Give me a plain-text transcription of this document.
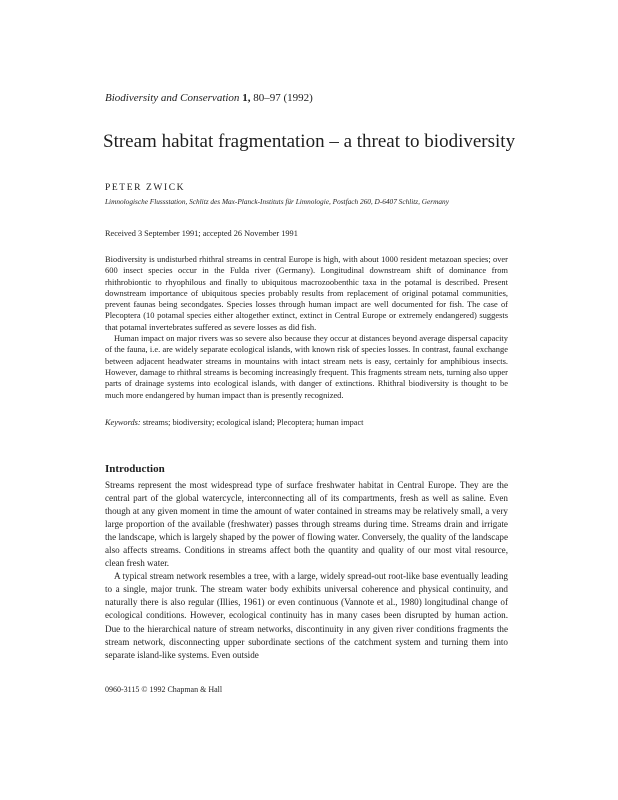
Biodiversity and Conservation 1, 80–97 (1992)
Stream habitat fragmentation – a threat to biodiversity
PETER ZWICK
Limnologische Flussstation, Schlitz des Max-Planck-Instituts für Limnologie, Postfach 260, D-6407 Schlitz, Germany
Received 3 September 1991; accepted 26 November 1991

Biodiversity is undisturbed rhithral streams in central Europe is high, with about 1000 resident metazoan species; over 600 insect species occur in the Fulda river (Germany). Longitudinal downstream shift of dominance from rhithrobiontic to rhyophilous and finally to ubiquitous macrozoobenthic taxa in the potamal is described. Present downstream importance of ubiquitous species probably results from replacement of original potamal communities, prevent faunas being secondgates. Species losses through human impact are well documented for fish. The case of Plecoptera (10 potamal species either altogether extinct, extinct in Central Europe or extremely endangered) suggests that potamal invertebrates suffered as severe losses as did fish.

Human impact on major rivers was so severe also because they occur at distances beyond average dispersal capacity of the fauna, i.e. are widely separate ecological islands, with known risk of species losses. In contrast, faunal exchange between adjacent headwater streams in mountains with intact stream nets is easy, certainly for amphibious insects. However, damage to rhithral streams is becoming increasingly frequent. This fragments stream nets, turning also upper parts of drainage systems into ecological islands, with danger of extinctions. Rhithral biodiversity is thought to be much more endangered by human impact than is presently recognized.

Keywords: streams; biodiversity; ecological island; Plecoptera; human impact
Introduction

Streams represent the most widespread type of surface freshwater habitat in Central Europe. They are the central part of the global watercycle, interconnecting all of its compartments, fresh as well as saline. Even though at any given moment in time the amount of water contained in streams may be relatively small, a very large proportion of the available (freshwater) passes through streams during time. Streams drain and irrigate the landscape, which is largely shaped by the power of flowing water. Conversely, the quality of the landscape also affects streams. Conditions in streams affect both the quantity and quality of our most vital resource, clean fresh water.

A typical stream network resembles a tree, with a large, widely spread-out root-like base eventually leading to a single, major trunk. The stream water body exhibits universal coherence and physical continuity, and naturally there is also regular (Illies, 1961) or even continuous (Vannote et al., 1980) longitudinal change of ecological conditions. However, ecological continuity has in many cases been disrupted by human action. Due to the hierarchical nature of stream networks, discontinuity in any given river conditions fragments the stream network, disconnecting upper subordinate sections of the catchment system and turning them into separate island-like systems. Even outside

0960-3115 © 1992 Chapman & Hall
